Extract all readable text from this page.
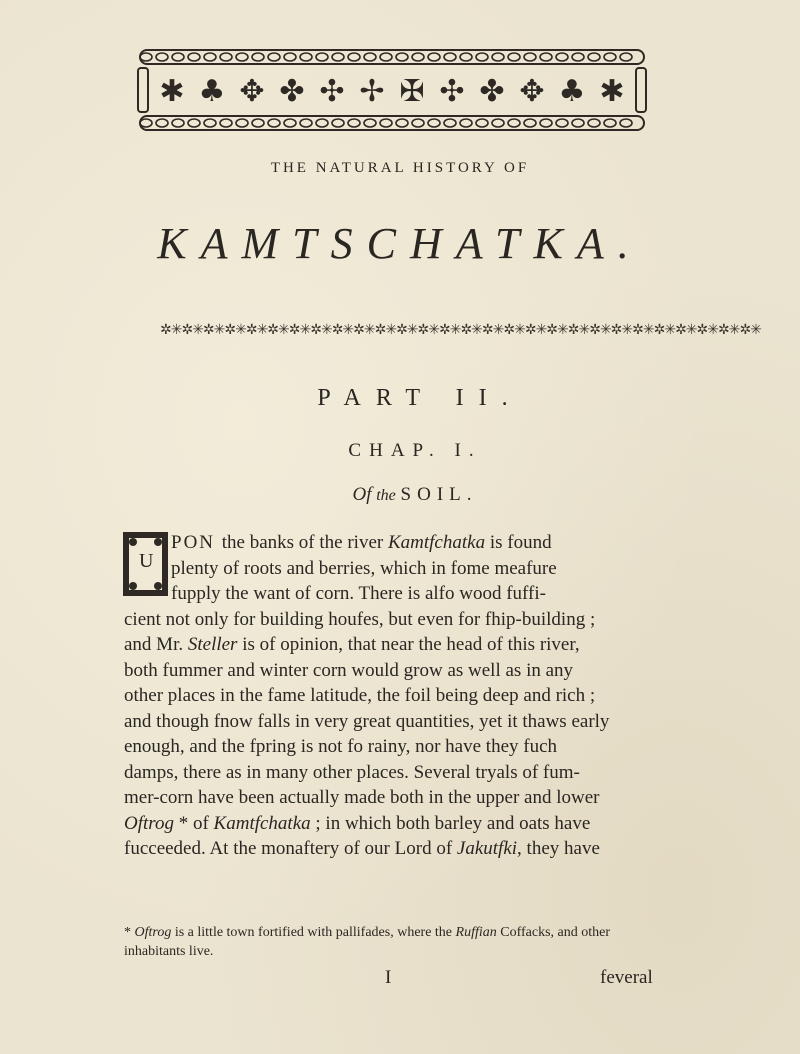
✱ ♣ ✥ ✤ ✣ ✢ ✠ ✣ ✤ ✥ ♣ ✱
THE NATURAL HISTORY OF
KAMTSCHATKA.
✲✳✲✳✲✳✲✳✲✳✲✳✲✳✲✳✲✳✲✳✲✳✲✳✲✳✲✳✲✳✲✳✲✳✲✳✲✳✲✳✲✳✲✳✲✳✲✳✲✳✲✳✲✳✲✳
PART II.
CHAP. I.
Of the SOIL.
U
PON the banks of the river Kamtfchatka is found
plenty of roots and berries, which in fome meafure
fupply the want of corn. There is alfo wood fuffi-
cient not only for building houfes, but even for fhip-building ;
and Mr. Steller is of opinion, that near the head of this river,
both fummer and winter corn would grow as well as in any
other places in the fame latitude, the foil being deep and rich ;
and though fnow falls in very great quantities, yet it thaws early
enough, and the fpring is not fo rainy, nor have they fuch
damps, there as in many other places. Several tryals of fum-
mer-corn have been actually made both in the upper and lower
Oftrog * of Kamtfchatka ; in which both barley and oats have
fucceeded. At the monaftery of our Lord of Jakutfki, they have
* Oftrog is a little town fortified with pallifades, where the Ruffian Coffacks, and other inhabitants live.
I	feveral
